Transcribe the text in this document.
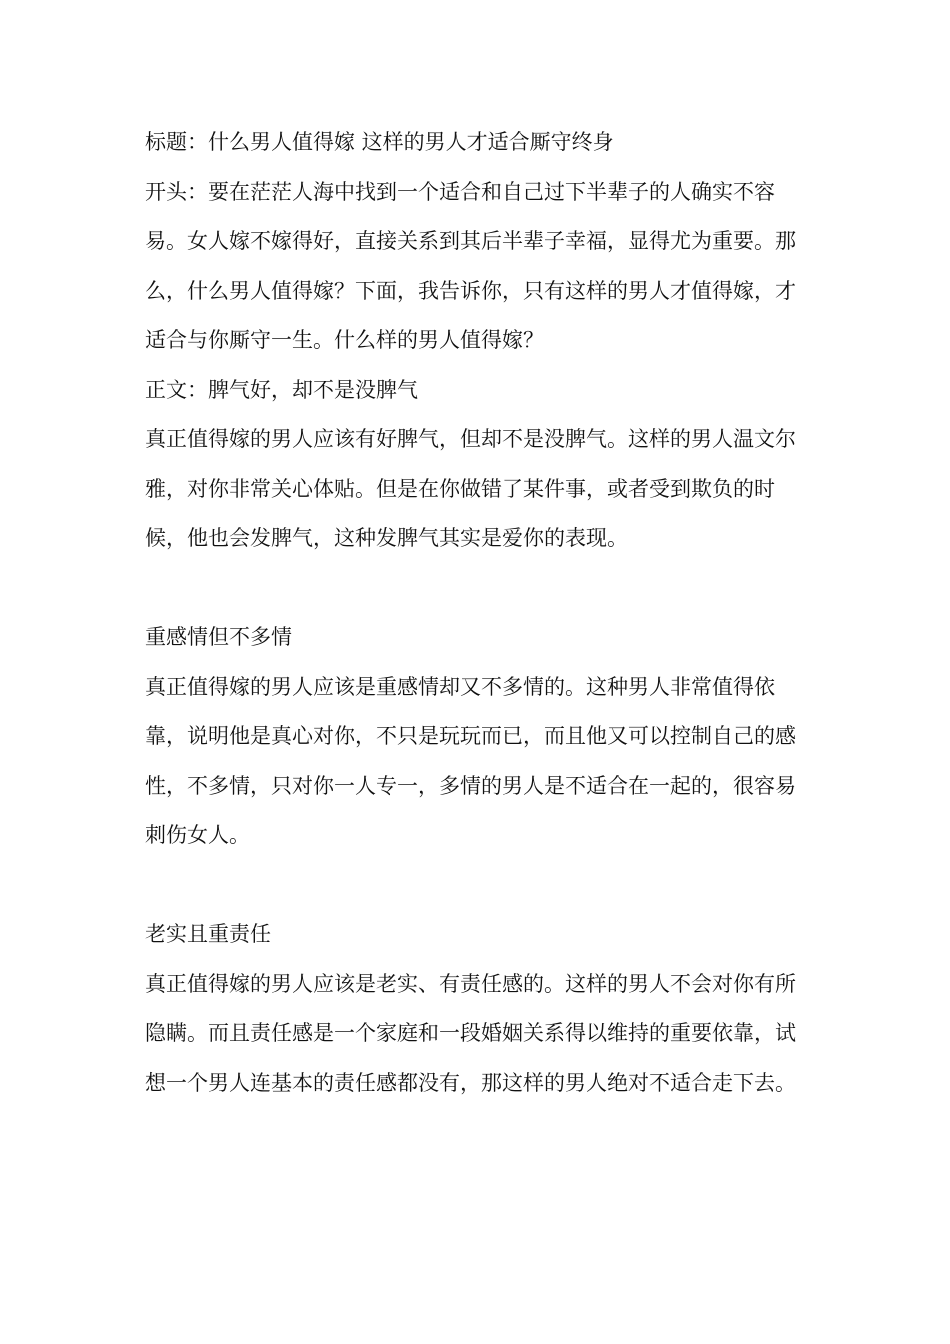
标题：什么男人值得嫁 这样的男人才适合厮守终身

开头：要在茫茫人海中找到一个适合和自己过下半辈子的人确实不容易。女人嫁不嫁得好，直接关系到其后半辈子幸福，显得尤为重要。那么，什么男人值得嫁？下面，我告诉你，只有这样的男人才值得嫁，才适合与你厮守一生。什么样的男人值得嫁？

正文：脾气好，却不是没脾气

真正值得嫁的男人应该有好脾气，但却不是没脾气。这样的男人温文尔雅，对你非常关心体贴。但是在你做错了某件事，或者受到欺负的时候，他也会发脾气，这种发脾气其实是爱你的表现。

重感情但不多情

真正值得嫁的男人应该是重感情却又不多情的。这种男人非常值得依靠，说明他是真心对你，不只是玩玩而已，而且他又可以控制自己的感性，不多情，只对你一人专一，多情的男人是不适合在一起的，很容易刺伤女人。

老实且重责任

真正值得嫁的男人应该是老实、有责任感的。这样的男人不会对你有所隐瞒。而且责任感是一个家庭和一段婚姻关系得以维持的重要依靠，试想一个男人连基本的责任感都没有，那这样的男人绝对不适合走下去。
